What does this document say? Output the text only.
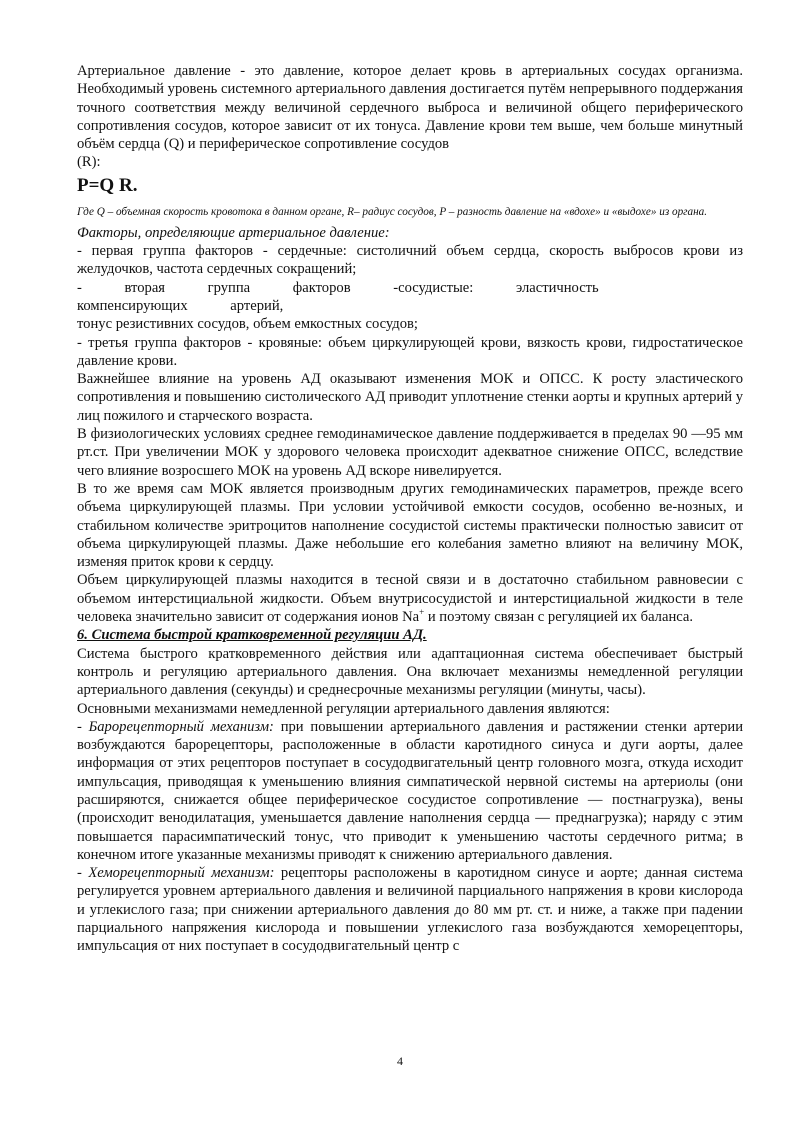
Артериальное давление - это давление, которое делает кровь в артериальных сосудах организма. Необходимый уровень системного артериального давления достигается путём непрерывного поддержания точного соответствия между величиной сердечного выброса и величиной общего периферического сопротивления сосудов, которое зависит от их тонуса. Давление крови тем выше, чем больше минутный объём сердца (Q) и периферическое сопротивление сосудов

(R):

P=Q R.
Где Q – объемная скорость кровотока в данном органе, R– радиус сосудов, P – разность давление на «вдохе» и «выдохе» из органа.

Факторы, определяющие артериальное давление:

- первая группа факторов - сердечные: систоличний объем сердца, скорость выбросов крови из желудочков, частота сердечных сокращений;

- вторая группа факторов -сосудистые: эластичность компенсирующих артерий,

тонус резистивних сосудов, объем емкостных сосудов;

- третья группа факторов - кровяные: объем циркулирующей крови, вязкость крови, гидростатическое давление крови.

Важнейшее влияние на уровень АД оказывают изменения МОК и ОПСС. К росту эластического сопротивления и повышению систолического АД приводит уплотнение стенки аорты и крупных артерий у лиц пожилого и старческого возраста.

В физиологических условиях среднее гемодинамическое давление поддерживается в пределах 90 —95 мм рт.ст. При увеличении МОК у здорового человека происходит адекватное снижение ОПСС, вследствие чего влияние возросшего МОК на уровень АД вскоре нивелируется.

В то же время сам МОК является производным других гемодинамических параметров, прежде всего объема циркулирующей плазмы. При условии устойчивой емкости сосудов, особенно ве-нозных, и стабильном количестве эритроцитов наполнение сосудистой системы практически полностью зависит от объема циркулирующей плазмы. Даже небольшие его колебания заметно влияют на величину МОК, изменяя приток крови к сердцу.

Объем циркулирующей плазмы находится в тесной связи и в достаточно стабильном равновесии с объемом интерстициальной жидкости. Объем внутрисосудистой и интерстициальной жидкости в теле человека значительно зависит от содержания ионов Na+ и поэтому связан с регуляцией их баланса.

6. Система быстрой кратковременной регуляции АД.

Система быстрого кратковременного действия или адаптационная система обеспечивает быстрый контроль и регуляцию артериального давления. Она включает механизмы немедленной регуляции артериального давления (секунды) и среднесрочные механизмы регуляции (минуты, часы).

Основными механизмами немедленной регуляции артериального давления являются:

- Барорецепторный механизм: при повышении артериального давления и растяжении стенки артерии возбуждаются барорецепторы, расположенные в области каротидного синуса и дуги аорты, далее информация от этих рецепторов поступает в сосудодвигательный центр головного мозга, откуда исходит импульсация, приводящая к уменьшению влияния симпатической нервной системы на артериолы (они расширяются, снижается общее периферическое сосудистое сопротивление — постнагрузка), вены (происходит венодилатация, уменьшается давление наполнения сердца — преднагрузка); наряду с этим повышается парасимпатический тонус, что приводит к уменьшению частоты сердечного ритма; в конечном итоге указанные механизмы приводят к снижению артериального давления.

- Хеморецепторный механизм: рецепторы расположены в каротидном синусе и аорте; данная система регулируется уровнем артериального давления и величиной парциального напряжения в крови кислорода и углекислого газа; при снижении артериального давления до 80 мм рт. ст. и ниже, а также при падении парциального напряжения кислорода и повышении углекислого газа возбуждаются хеморецепторы, импульсация от них поступает в сосудодвигательный центр с

4
